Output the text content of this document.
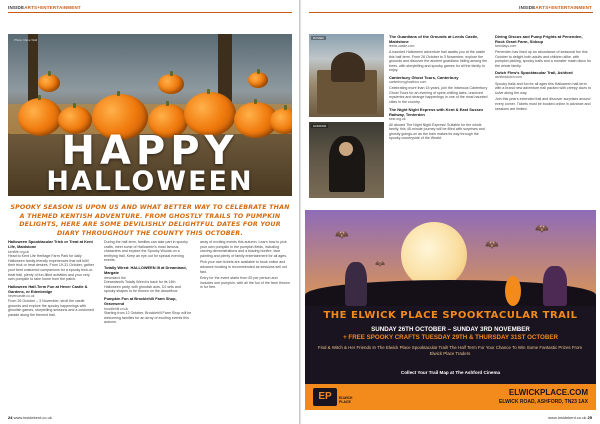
INSIDEARTS+ENTERTAINMENT
Photo: Dave Wall
HAPPY
HALLOWEEN
SPOOKY SEASON IS UPON US AND WHAT BETTER WAY TO CELEBRATE THAN A THEMED KENTISH ADVENTURE. FROM GHOSTLY TRAILS TO PUMPKIN DELIGHTS, HERE ARE SOME DEVILISHLY DELIGHTFUL DATES FOR YOUR DIARY THROUGHOUT THE COUNTY THIS OCTOBER.
Halloween Spooktacular Trick or Treat at Kent Life, Maidstone
kentlife.org.uk

Head to Kent Life Heritage Farm Park for daily Halloween family-friendly experiences that will fulfil their trick or treat desires. From 19-31 October, gather your best costumed companions for a spooky trick-or-treat trail, plenty of fun-filled activities and your very own pumpkin to take home from the patch.

Halloween Half-Term Fun at Hever Castle & Gardens, nr Edenbridge
hevercastle.co.uk

From 26 October – 3 November, stroll the castle grounds and explore the spooky happenings with ghoulish games, storytelling sessions and a costumed parade along the themed trail.

During the half-term, families can take part in spooky crafts, meet some of Halloween's most famous characters and explore the Spooky Woods on a terrifying trail. Keep an eye out for special evening events.

Totally Wired: HALLOWEEN III at Dreamland, Margate
dreamland.live

Dreamland's Totally Wired is back for its 14th Halloween party, with ghoulish acts, DJ sets and spooky shapes to be thrown on the dancefloor.

Pumpkin Fun at Brocklehill Farm Shop, Gravesend
brocklehill.co.uk

Starting from 12 October, Brocklehill Farm Shop will be welcoming families for an array of exciting events this autumn.

array of exciting events this autumn. Learn how to pick your own pumpkin in the pumpkin fields, including carving demonstrations and a blazing bonfire, face painting and plenty of family entertainment for all ages.

Pick your own tickets are available to book online and advance booking is recommended as sessions sell out fast.

Entry for the event starts from £5 per person and includes one pumpkin, with all the fun of the farm thrown in for free.

24 www.insidekent.co.uk
INSIDEARTS+ENTERTAINMENT
DOVER
HORROR
The Guardians of the Grounds at Leeds Castle, Maidstone
leeds-castle.com

A haunted Halloween adventure trail awaits you at the castle this half-term. From 26 October to 3 November, explore the grounds and discover the ancient guardians hiding among the trees, with storytelling and spooky games for all the family to enjoy.

Canterbury Ghost Tours, Canterbury
canterburyghosttour.com

Celebrating more than 15 years, join the infamous Canterbury Ghost Tours for an evening of spine-chilling tales, unsolved mysteries and strange happenings in one of the most haunted cities in the country.

The Night Night Express with Kent & East Sussex Railway, Tenterden
kesr.org.uk

All aboard The Night Night Express! Suitable for the whole family, this 45-minute journey will be filled with surprises and ghostly goings-on as the train makes its way through the spooky countryside of the Weald.

Diving Discos and Pump Frights at Penenden, Rock Grant Farm, Sidcup
farmdays.com

Penenden has lined up an abundance of seasonal fun this October to delight both adults and children alike, with pumpkin picking, spooky trails and a monster mash disco for the whole family.

Dutch Flew's Spooktacular Trail, Ashford
ashforddutch.com

Spooky trails and fun for all ages this Halloween half-term with a brand new adventure trail packed with creepy clues to solve along the way.

Join this year's extended trail and discover surprises around every corner. Tickets must be booked online in advance and sessions are limited.

🦇
🦇
🦇
🦇
THE ELWICK PLACE SPOOKTACULAR TRAIL
SUNDAY 26TH OCTOBER – SUNDAY 3RD NOVEMBER
+ FREE SPOOKY CRAFTS TUESDAY 29TH & THURSDAY 31ST OCTOBER
Find & Witch & Her Friends In The Elwick Place Spooktacular Trail! The Half Term For Your Chance To Win Some Fantastic Prizes From Elwick Place Traders
Collect Your Trail Map at The Ashford Cinema
EP	ELWICK
PLACE
ELWICKPLACE.COM
ELWICK ROAD, ASHFORD, TN23 1AX
www.insidekent.co.uk 25
